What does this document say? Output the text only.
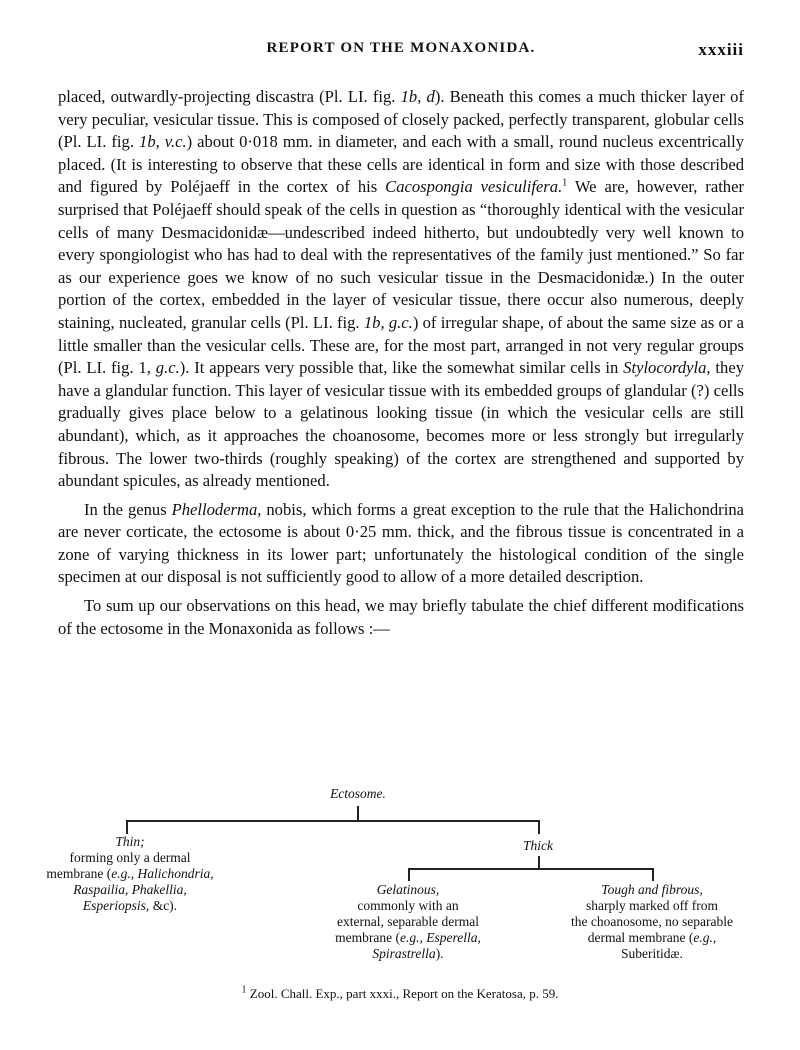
REPORT ON THE MONAXONIDA.	xxxiii

placed, outwardly-projecting discastra (Pl. LI. fig. 1b, d). Beneath this comes a much thicker layer of very peculiar, vesicular tissue. This is composed of closely packed, perfectly transparent, globular cells (Pl. LI. fig. 1b, v.c.) about 0·018 mm. in diameter, and each with a small, round nucleus excentrically placed. (It is interesting to observe that these cells are identical in form and size with those described and figured by Poléjaeff in the cortex of his Cacospongia vesiculifera.$^1$ We are, however, rather surprised that Poléjaeff should speak of the cells in question as “thoroughly identical with the vesicular cells of many Desmacidonidæ—undescribed indeed hitherto, but undoubtedly very well known to every spongiologist who has had to deal with the representatives of the family just mentioned.” So far as our experience goes we know of no such vesicular tissue in the Desmacidonidæ.) In the outer portion of the cortex, embedded in the layer of vesicular tissue, there occur also numerous, deeply staining, nucleated, granular cells (Pl. LI. fig. 1b, g.c.) of irregular shape, of about the same size as or a little smaller than the vesicular cells. These are, for the most part, arranged in not very regular groups (Pl. LI. fig. 1, g.c.). It appears very possible that, like the somewhat similar cells in Stylocordyla, they have a glandular function. This layer of vesicular tissue with its embedded groups of glandular (?) cells gradually gives place below to a gelatinous looking tissue (in which the vesicular cells are still abundant), which, as it approaches the choanosome, becomes more or less strongly but irregularly fibrous. The lower two-thirds (roughly speaking) of the cortex are strengthened and supported by abundant spicules, as already mentioned.

In the genus Phelloderma, nobis, which forms a great exception to the rule that the Halichondrina are never corticate, the ectosome is about 0·25 mm. thick, and the fibrous tissue is concentrated in a zone of varying thickness in its lower part; unfortunately the histological condition of the single specimen at our disposal is not sufficiently good to allow of a more detailed description.

To sum up our observations on this head, we may briefly tabulate the chief different modifications of the ectosome in the Monaxonida as follows :—

Ectosome.
Thin;
forming only a dermal
membrane (e.g., Halichondria,
Raspailia, Phakellia,
Esperiopsis, &c).
Thick
Gelatinous,
commonly with an
external, separable dermal
membrane (e.g., Esperella,
Spirastrella).
Tough and fibrous,
sharply marked off from
the choanosome, no separable
dermal membrane (e.g.,
Suberitidæ.
$^1$ Zool. Chall. Exp., part xxxi., Report on the Keratosa, p. 59.
